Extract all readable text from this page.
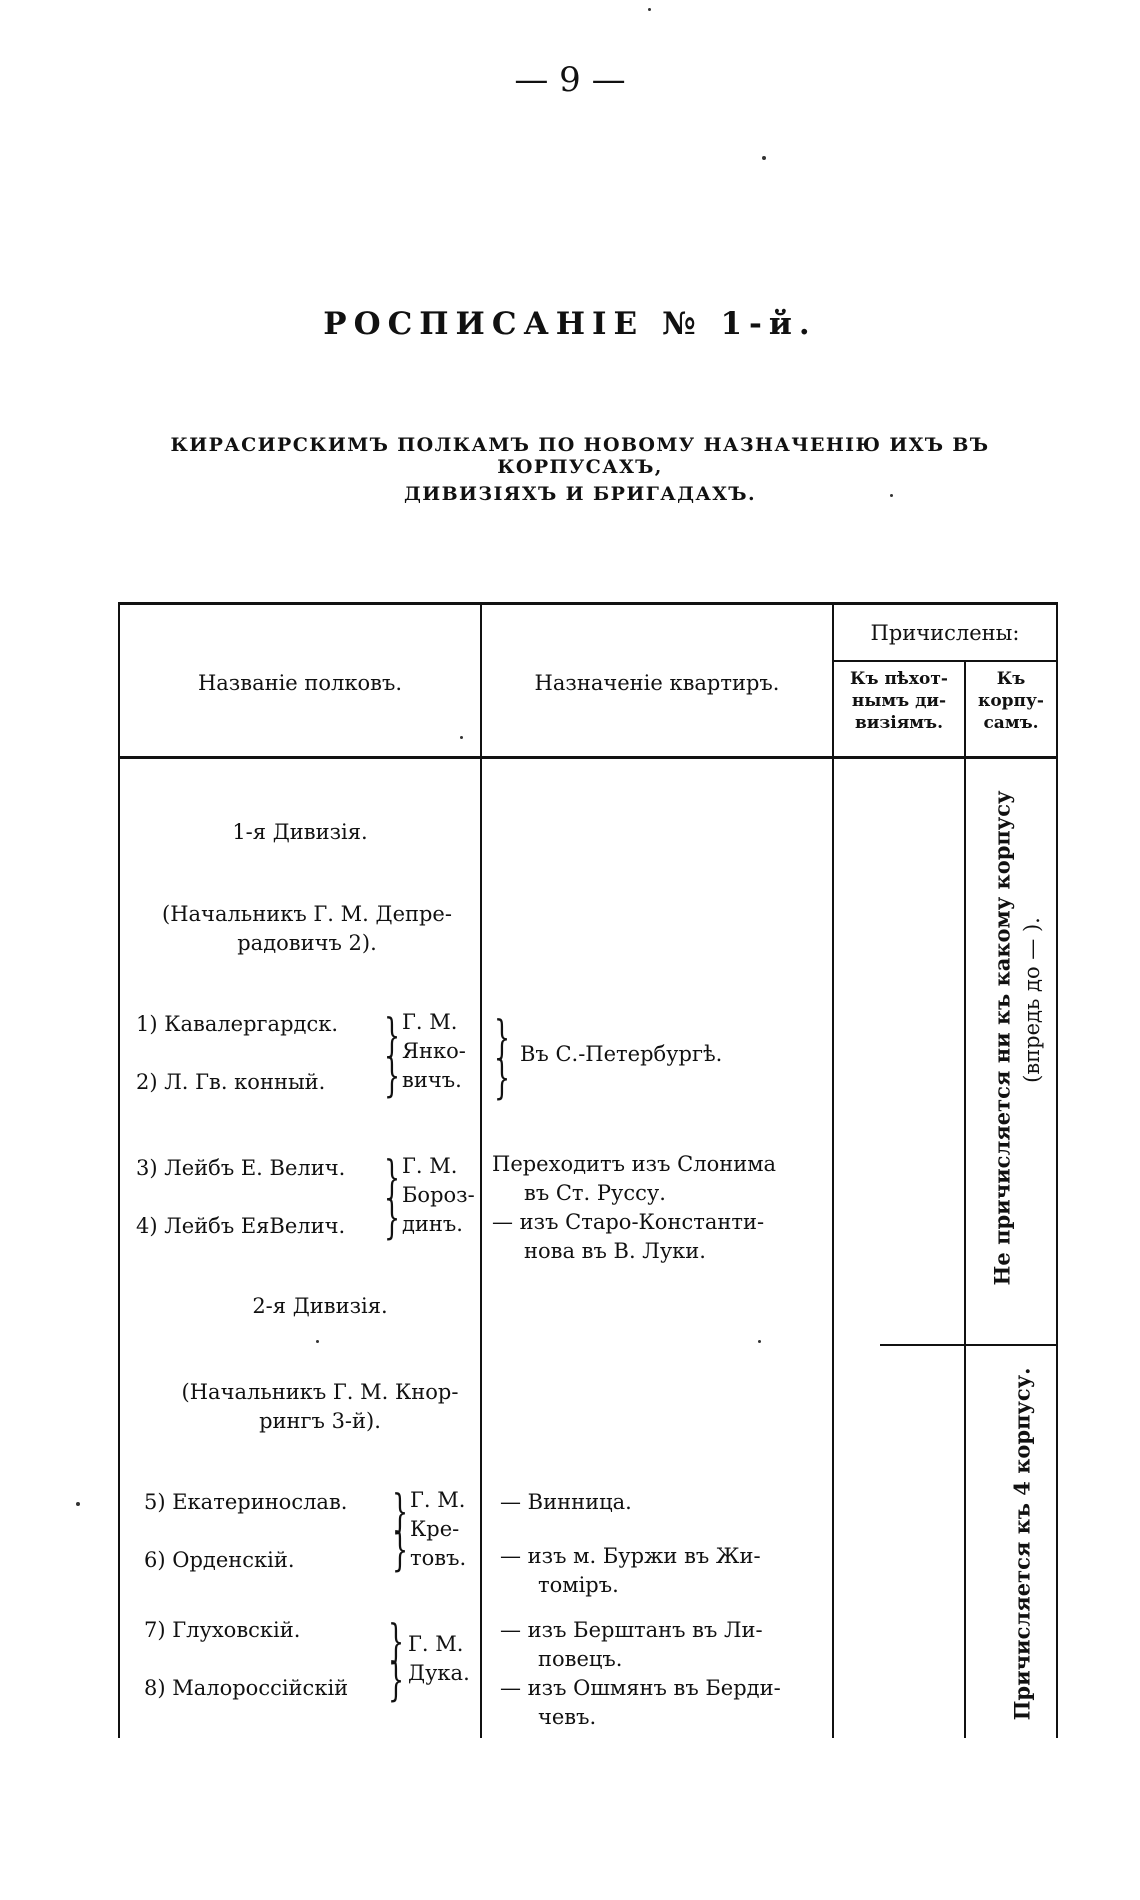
— 9 —
РОСПИСАНІЕ № 1-й.
КИРАСИРСКИМЪ ПОЛКАМЪ ПО НОВОМУ НАЗНАЧЕНІЮ ИХЪ ВЪ КОРПУСАХЪ,
ДИВИЗІЯХЪ И БРИГАДАХЪ.
Названіе полковъ.	Назначеніе квартиръ.
Причислены:
Къ пѣхот-
нымъ ди-
визіямъ.
Къ
корпу-
самъ.
1-я Дивизія.
(Начальникъ Г. М. Депре-
радовичъ 2).
1) Кавалергардск.
2) Л. Гв. конный.
}
}
Г. М.
Янко-
вичъ.
}
} Въ С.-Петербургѣ.
3) Лейбъ Е. Велич.
4) Лейбъ ЕяВелич.
}
}
Г. М.
Бороз-
динъ.
Переходитъ изъ Слонима
въ Ст. Руссу.
— изъ Старо-Константи-
нова въ В. Луки.
2-я Дивизія.
(Начальникъ Г. М. Кнор-
рингъ 3-й).
5) Екатеринослав.
6) Орденскій.
}
}
Г. М.
Кре-
товъ.
— Винница.
— изъ м. Буржи въ Жи-
томіръ.
7) Глуховскій.
8) Малороссійскій
}
}
Г. М.
Дука.
— изъ Берштанъ въ Ли-
повецъ.
— изъ Ошмянъ въ Берди-
чевъ.
Не причисляется ни къ какому корпусу (впредь до — ).
Причисляется къ 4 корпусу.
